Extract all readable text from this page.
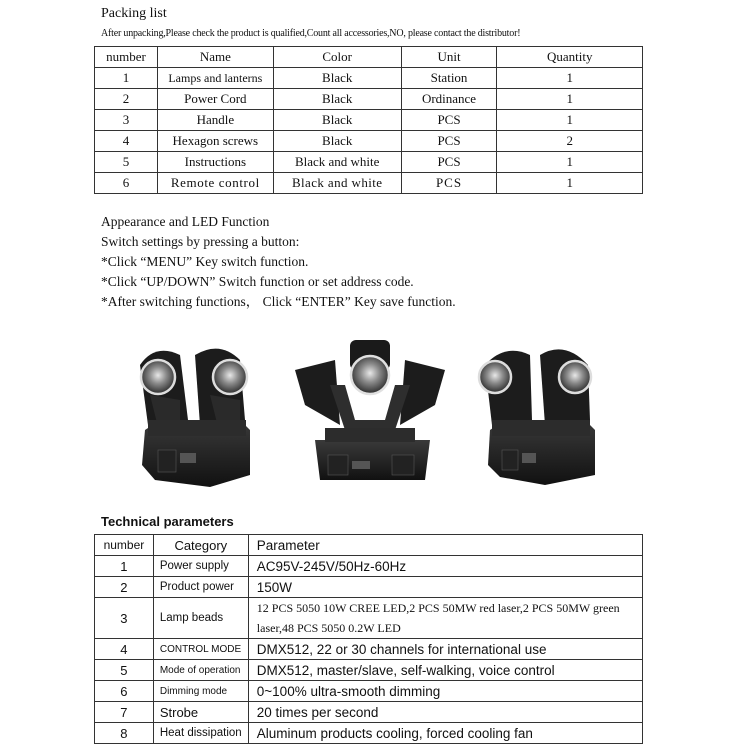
Packing list
After unpacking,Please check the product is qualified,Count all accessories,NO, please contact the distributor!
number	Name	Color	Unit	Quantity
1	Lamps and lanterns	Black	Station	1
2	Power Cord	Black	Ordinance	1
3	Handle	Black	PCS	1
4	Hexagon screws	Black	PCS	2
5	Instructions	Black and white	PCS	1
6	Remote control	Black and white	PCS	1
Appearance and LED Function
Switch settings by pressing a button:
*Click “MENU” Key switch function.
*Click “UP/DOWN” Switch function or set address code.
*After switching functions， Click “ENTER” Key save function.
Technical parameters
number	Category	Parameter
1	Power supply	AC95V-245V/50Hz-60Hz
2	Product power	150W
3	Lamp beads	12 PCS 5050 10W CREE LED,2 PCS 50MW red laser,2 PCS 50MW green laser,48 PCS 5050 0.2W LED
4	CONTROL MODE	DMX512, 22 or 30 channels for international use
5	Mode of operation	DMX512, master/slave, self-walking, voice control
6	Dimming mode	0~100% ultra-smooth dimming
7	Strobe	20 times per second
8	Heat dissipation	Aluminum products cooling, forced cooling fan
